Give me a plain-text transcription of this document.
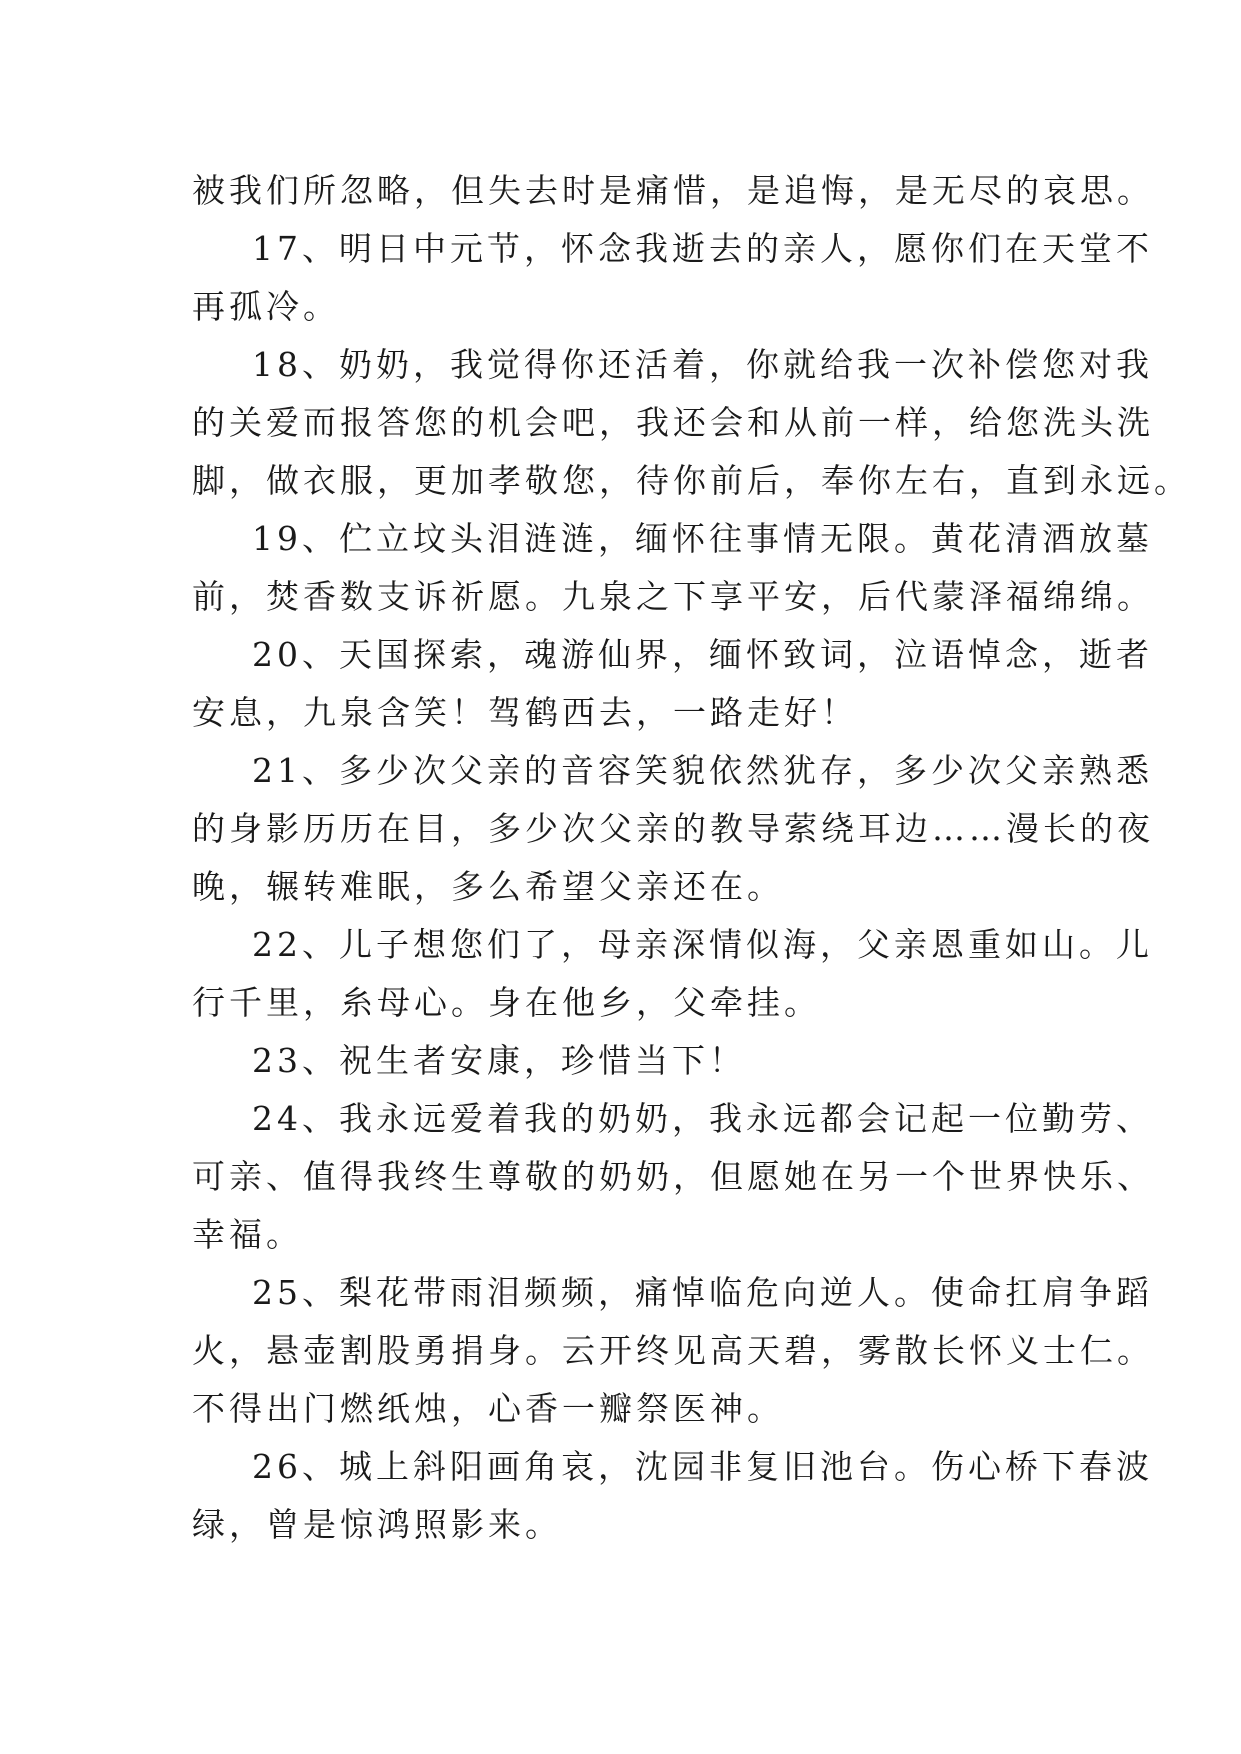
被我们所忽略，但失去时是痛惜，是追悔，是无尽的哀思。
17、明日中元节，怀念我逝去的亲人，愿你们在天堂不
再孤冷。
18、奶奶，我觉得你还活着，你就给我一次补偿您对我
的关爱而报答您的机会吧，我还会和从前一样，给您洗头洗
脚，做衣服，更加孝敬您，待你前后，奉你左右，直到永远。
19、伫立坟头泪涟涟，缅怀往事情无限。黄花清酒放墓
前，焚香数支诉祈愿。九泉之下享平安，后代蒙泽福绵绵。
20、天国探索，魂游仙界，缅怀致词，泣语悼念，逝者
安息，九泉含笑！驾鹤西去，一路走好！
21、多少次父亲的音容笑貌依然犹存，多少次父亲熟悉
的身影历历在目，多少次父亲的教导萦绕耳边……漫长的夜
晚，辗转难眠，多么希望父亲还在。
22、儿子想您们了，母亲深情似海，父亲恩重如山。儿
行千里，糸母心。身在他乡，父牵挂。
23、祝生者安康，珍惜当下！
24、我永远爱着我的奶奶，我永远都会记起一位勤劳、
可亲、值得我终生尊敬的奶奶，但愿她在另一个世界快乐、
幸福。
25、梨花带雨泪频频，痛悼临危向逆人。使命扛肩争蹈
火，悬壶割股勇捐身。云开终见高天碧，雾散长怀义士仁。
不得出门燃纸烛，心香一瓣祭医神。
26、城上斜阳画角哀，沈园非复旧池台。伤心桥下春波
绿，曾是惊鸿照影来。
